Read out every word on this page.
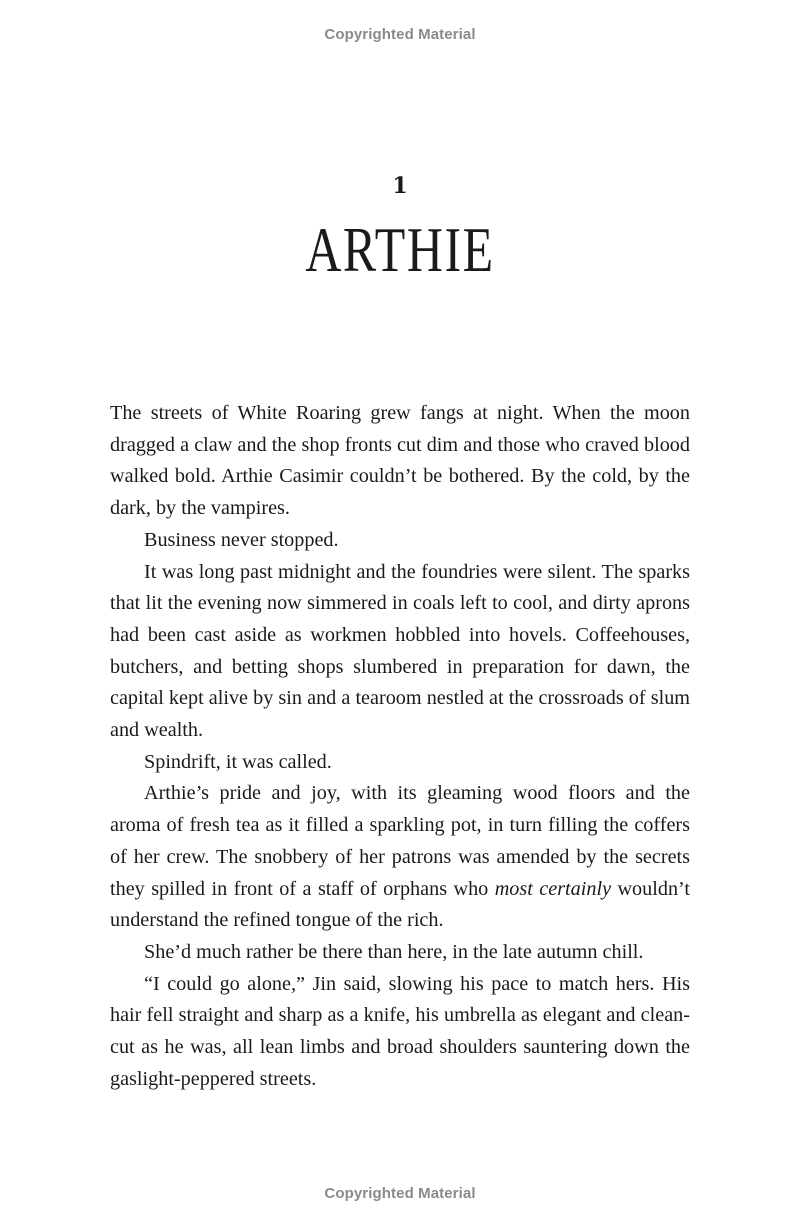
Copyrighted Material
1
ARTHIE

The streets of White Roaring grew fangs at night. When the moon dragged a claw and the shop fronts cut dim and those who craved blood walked bold. Arthie Casimir couldn’t be bothered. By the cold, by the dark, by the vampires.

Business never stopped.

It was long past midnight and the foundries were silent. The sparks that lit the evening now simmered in coals left to cool, and dirty aprons had been cast aside as workmen hobbled into hovels. Coffeehouses, butchers, and betting shops slumbered in preparation for dawn, the capital kept alive by sin and a tearoom nestled at the crossroads of slum and wealth.

Spindrift, it was called.

Arthie’s pride and joy, with its gleaming wood floors and the aroma of fresh tea as it filled a sparkling pot, in turn filling the coffers of her crew. The snobbery of her patrons was amended by the secrets they spilled in front of a staff of orphans who most certainly wouldn’t understand the refined tongue of the rich.

She’d much rather be there than here, in the late autumn chill.

“I could go alone,” Jin said, slowing his pace to match hers. His hair fell straight and sharp as a knife, his umbrella as elegant and clean-cut as he was, all lean limbs and broad shoulders sauntering down the gaslight-peppered streets.

Copyrighted Material
